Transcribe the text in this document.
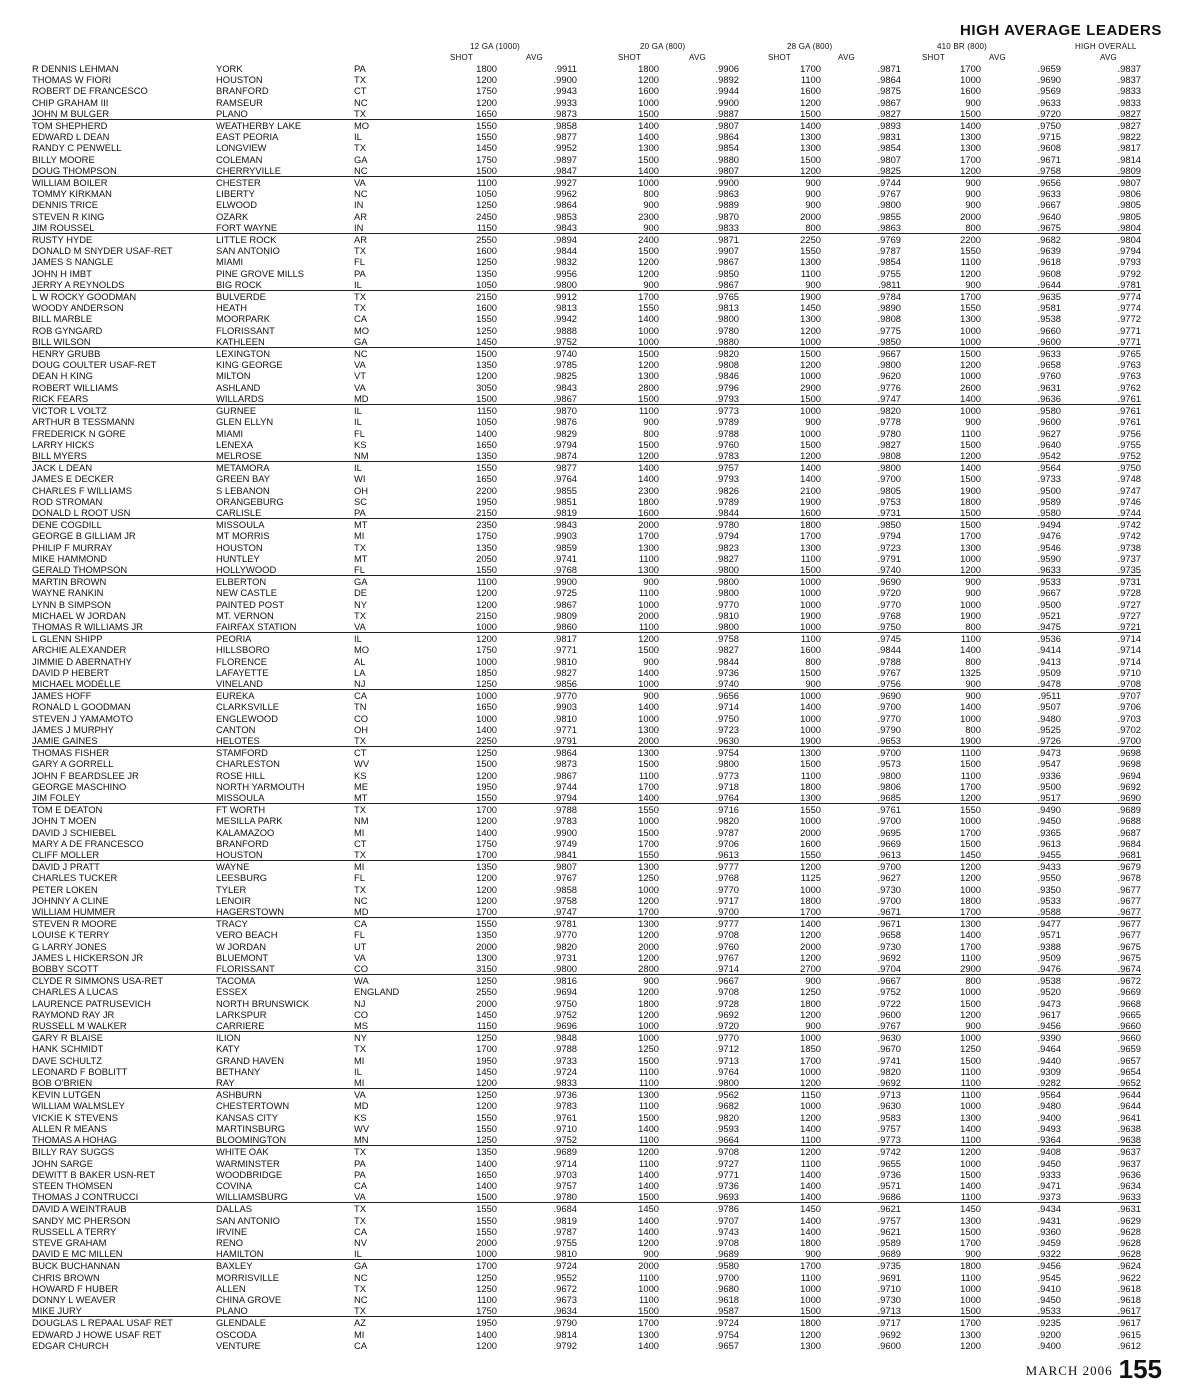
HIGH AVERAGE LEADERS
12 GA (1000)	20 GA (800)	28 GA (800)	410 BR (800)	HIGH OVERALL
SHOT	AVG	SHOT	AVG	SHOT	AVG	SHOT	AVG	AVG
R DENNIS LEHMAN	YORK	PA	1800	.9911	1800	.9906	1700	.9871	1700	.9659	.9837
THOMAS W FIORI	HOUSTON	TX	1200	.9900	1200	.9892	1100	.9864	1000	.9690	.9837
ROBERT DE FRANCESCO	BRANFORD	CT	1750	.9943	1600	.9944	1600	.9875	1600	.9569	.9833
CHIP GRAHAM III	RAMSEUR	NC	1200	.9933	1000	.9900	1200	.9867	900	.9633	.9833
JOHN M BULGER	PLANO	TX	1650	.9873	1500	.9887	1500	.9827	1500	.9720	.9827
TOM SHEPHERD	WEATHERBY LAKE	MO	1550	.9858	1400	.9807	1400	.9893	1400	.9750	.9827
EDWARD L DEAN	EAST PEORIA	IL	1550	.9877	1400	.9864	1300	.9831	1300	.9715	.9822
RANDY C PENWELL	LONGVIEW	TX	1450	.9952	1300	.9854	1300	.9854	1300	.9608	.9817
BILLY MOORE	COLEMAN	GA	1750	.9897	1500	.9880	1500	.9807	1700	.9671	.9814
DOUG THOMPSON	CHERRYVILLE	NC	1500	.9847	1400	.9807	1200	.9825	1200	.9758	.9809
WILLIAM BOILER	CHESTER	VA	1100	.9927	1000	.9900	900	.9744	900	.9656	.9807
TOMMY KIRKMAN	LIBERTY	NC	1050	.9962	800	.9863	900	.9767	900	.9633	.9806
DENNIS TRICE	ELWOOD	IN	1250	.9864	900	.9889	900	.9800	900	.9667	.9805
STEVEN R KING	OZARK	AR	2450	.9853	2300	.9870	2000	.9855	2000	.9640	.9805
JIM ROUSSEL	FORT WAYNE	IN	1150	.9843	900	.9833	800	.9863	800	.9675	.9804
RUSTY HYDE	LITTLE ROCK	AR	2550	.9894	2400	.9871	2250	.9769	2200	.9682	.9804
DONALD M SNYDER USAF-RET	SAN ANTONIO	TX	1600	.9844	1500	.9907	1550	.9787	1550	.9639	.9794
JAMES S NANGLE	MIAMI	FL	1250	.9832	1200	.9867	1300	.9854	1100	.9618	.9793
JOHN H IMBT	PINE GROVE MILLS	PA	1350	.9956	1200	.9850	1100	.9755	1200	.9608	.9792
JERRY A REYNOLDS	BIG ROCK	IL	1050	.9800	900	.9867	900	.9811	900	.9644	.9781
L W ROCKY GOODMAN	BULVERDE	TX	2150	.9912	1700	.9765	1900	.9784	1700	.9635	.9774
WOODY ANDERSON	HEATH	TX	1600	.9813	1550	.9813	1450	.9890	1550	.9581	.9774
BILL MARBLE	MOORPARK	CA	1550	.9942	1400	.9800	1300	.9808	1300	.9538	.9772
ROB GYNGARD	FLORISSANT	MO	1250	.9888	1000	.9780	1200	.9775	1000	.9660	.9771
BILL WILSON	KATHLEEN	GA	1450	.9752	1000	.9880	1000	.9850	1000	.9600	.9771
HENRY GRUBB	LEXINGTON	NC	1500	.9740	1500	.9820	1500	.9667	1500	.9633	.9765
DOUG COULTER USAF-RET	KING GEORGE	VA	1350	.9785	1200	.9808	1200	.9800	1200	.9658	.9763
DEAN H KING	MILTON	VT	1200	.9825	1300	.9846	1000	.9620	1000	.9760	.9763
ROBERT WILLIAMS	ASHLAND	VA	3050	.9843	2800	.9796	2900	.9776	2600	.9631	.9762
RICK FEARS	WILLARDS	MD	1500	.9867	1500	.9793	1500	.9747	1400	.9636	.9761
VICTOR L VOLTZ	GURNEE	IL	1150	.9870	1100	.9773	1000	.9820	1000	.9580	.9761
ARTHUR B TESSMANN	GLEN ELLYN	IL	1050	.9876	900	.9789	900	.9778	900	.9600	.9761
FREDERICK N GORE	MIAMI	FL	1400	.9829	800	.9788	1000	.9780	1100	.9627	.9756
LARRY HICKS	LENEXA	KS	1650	.9794	1500	.9760	1500	.9827	1500	.9640	.9755
BILL MYERS	MELROSE	NM	1350	.9874	1200	.9783	1200	.9808	1200	.9542	.9752
JACK L DEAN	METAMORA	IL	1550	.9877	1400	.9757	1400	.9800	1400	.9564	.9750
JAMES E DECKER	GREEN BAY	WI	1650	.9764	1400	.9793	1400	.9700	1500	.9733	.9748
CHARLES F WILLIAMS	S LEBANON	OH	2200	.9855	2300	.9826	2100	.9805	1900	.9500	.9747
ROD STROMAN	ORANGEBURG	SC	1950	.9851	1800	.9789	1900	.9753	1800	.9589	.9746
DONALD L ROOT USN	CARLISLE	PA	2150	.9819	1600	.9844	1600	.9731	1500	.9580	.9744
DENE COGDILL	MISSOULA	MT	2350	.9843	2000	.9780	1800	.9850	1500	.9494	.9742
GEORGE B GILLIAM JR	MT MORRIS	MI	1750	.9903	1700	.9794	1700	.9794	1700	.9476	.9742
PHILIP F MURRAY	HOUSTON	TX	1350	.9859	1300	.9823	1300	.9723	1300	.9546	.9738
MIKE HAMMOND	HUNTLEY	MT	2050	.9741	1100	.9827	1100	.9791	1000	.9590	.9737
GERALD THOMPSON	HOLLYWOOD	FL	1550	.9768	1300	.9800	1500	.9740	1200	.9633	.9735
MARTIN BROWN	ELBERTON	GA	1100	.9900	900	.9800	1000	.9690	900	.9533	.9731
WAYNE RANKIN	NEW CASTLE	DE	1200	.9725	1100	.9800	1000	.9720	900	.9667	.9728
LYNN B SIMPSON	PAINTED POST	NY	1200	.9867	1000	.9770	1000	.9770	1000	.9500	.9727
MICHAEL W JORDAN	MT. VERNON	TX	2150	.9809	2000	.9810	1900	.9768	1900	.9521	.9727
THOMAS R WILLIAMS JR	FAIRFAX STATION	VA	1000	.9860	1100	.9800	1000	.9750	800	.9475	.9721
L GLENN SHIPP	PEORIA	IL	1200	.9817	1200	.9758	1100	.9745	1100	.9536	.9714
ARCHIE ALEXANDER	HILLSBORO	MO	1750	.9771	1500	.9827	1600	.9844	1400	.9414	.9714
JIMMIE D ABERNATHY	FLORENCE	AL	1000	.9810	900	.9844	800	.9788	800	.9413	.9714
DAVID P HEBERT	LAFAYETTE	LA	1850	.9827	1400	.9736	1500	.9767	1325	.9509	.9710
MICHAEL MODELLE	VINELAND	NJ	1250	.9856	1000	.9740	900	.9756	900	.9478	.9708
JAMES HOFF	EUREKA	CA	1000	.9770	900	.9656	1000	.9690	900	.9511	.9707
RONALD L GOODMAN	CLARKSVILLE	TN	1650	.9903	1400	.9714	1400	.9700	1400	.9507	.9706
STEVEN J YAMAMOTO	ENGLEWOOD	CO	1000	.9810	1000	.9750	1000	.9770	1000	.9480	.9703
JAMES J MURPHY	CANTON	OH	1400	.9771	1300	.9723	1000	.9790	800	.9525	.9702
JAMIE GAINES	HELOTES	TX	2250	.9791	2000	.9630	1900	.9653	1900	.9726	.9700
THOMAS FISHER	STAMFORD	CT	1250	.9864	1300	.9754	1300	.9700	1100	.9473	.9698
GARY A GORRELL	CHARLESTON	WV	1500	.9873	1500	.9800	1500	.9573	1500	.9547	.9698
JOHN F BEARDSLEE JR	ROSE HILL	KS	1200	.9867	1100	.9773	1100	.9800	1100	.9336	.9694
GEORGE MASCHINO	NORTH YARMOUTH	ME	1950	.9744	1700	.9718	1800	.9806	1700	.9500	.9692
JIM FOLEY	MISSOULA	MT	1550	.9794	1400	.9764	1300	.9685	1200	.9517	.9690
TOM E DEATON	FT WORTH	TX	1700	.9788	1550	.9716	1550	.9761	1550	.9490	.9689
JOHN T MOEN	MESILLA PARK	NM	1200	.9783	1000	.9820	1000	.9700	1000	.9450	.9688
DAVID J SCHIEBEL	KALAMAZOO	MI	1400	.9900	1500	.9787	2000	.9695	1700	.9365	.9687
MARY A DE FRANCESCO	BRANFORD	CT	1750	.9749	1700	.9706	1600	.9669	1500	.9613	.9684
CLIFF MOLLER	HOUSTON	TX	1700	.9841	1550	.9613	1550	.9613	1450	.9455	.9681
DAVID J PRATT	WAYNE	MI	1350	.9807	1300	.9777	1200	.9700	1200	.9433	.9679
CHARLES TUCKER	LEESBURG	FL	1200	.9767	1250	.9768	1125	.9627	1200	.9550	.9678
PETER LOKEN	TYLER	TX	1200	.9858	1000	.9770	1000	.9730	1000	.9350	.9677
JOHNNY A CLINE	LENOIR	NC	1200	.9758	1200	.9717	1800	.9700	1800	.9533	.9677
WILLIAM HUMMER	HAGERSTOWN	MD	1700	.9747	1700	.9700	1700	.9671	1700	.9588	.9677
STEVEN R MOORE	TRACY	CA	1550	.9781	1300	.9777	1400	.9671	1300	.9477	.9677
LOUISE K TERRY	VERO BEACH	FL	1350	.9770	1200	.9708	1200	.9658	1400	.9571	.9677
G LARRY JONES	W JORDAN	UT	2000	.9820	2000	.9760	2000	.9730	1700	.9388	.9675
JAMES L HICKERSON JR	BLUEMONT	VA	1300	.9731	1200	.9767	1200	.9692	1100	.9509	.9675
BOBBY SCOTT	FLORISSANT	CO	3150	.9800	2800	.9714	2700	.9704	2900	.9476	.9674
CLYDE R SIMMONS USA-RET	TACOMA	WA	1250	.9816	900	.9667	900	.9667	800	.9538	.9672
CHARLES A LUCAS	ESSEX	ENGLAND	2550	.9694	1200	.9708	1250	.9752	1000	.9520	.9669
LAURENCE PATRUSEVICH	NORTH BRUNSWICK	NJ	2000	.9750	1800	.9728	1800	.9722	1500	.9473	.9668
RAYMOND RAY JR	LARKSPUR	CO	1450	.9752	1200	.9692	1200	.9600	1200	.9617	.9665
RUSSELL M WALKER	CARRIERE	MS	1150	.9696	1000	.9720	900	.9767	900	.9456	.9660
GARY R BLAISE	ILION	NY	1250	.9848	1000	.9770	1000	.9630	1000	.9390	.9660
HANK SCHMIDT	KATY	TX	1700	.9788	1250	.9712	1850	.9670	1250	.9464	.9659
DAVE SCHULTZ	GRAND HAVEN	MI	1950	.9733	1500	.9713	1700	.9741	1500	.9440	.9657
LEONARD F BOBLITT	BETHANY	IL	1450	.9724	1100	.9764	1000	.9820	1100	.9309	.9654
BOB O'BRIEN	RAY	MI	1200	.9833	1100	.9800	1200	.9692	1100	.9282	.9652
KEVIN LUTGEN	ASHBURN	VA	1250	.9736	1300	.9562	1150	.9713	1100	.9564	.9644
WILLIAM WALMSLEY	CHESTERTOWN	MD	1200	.9783	1100	.9682	1000	.9630	1000	.9480	.9644
VICKIE K STEVENS	KANSAS CITY	KS	1550	.9761	1500	.9820	1200	.9583	1300	.9400	.9641
ALLEN R MEANS	MARTINSBURG	WV	1550	.9710	1400	.9593	1400	.9757	1400	.9493	.9638
THOMAS A HOHAG	BLOOMINGTON	MN	1250	.9752	1100	.9664	1100	.9773	1100	.9364	.9638
BILLY RAY SUGGS	WHITE OAK	TX	1350	.9689	1200	.9708	1200	.9742	1200	.9408	.9637
JOHN SARGE	WARMINSTER	PA	1400	.9714	1100	.9727	1100	.9655	1000	.9450	.9637
DEWITT B BAKER USN-RET	WOODBRIDGE	PA	1650	.9703	1400	.9771	1400	.9736	1500	.9333	.9636
STEEN THOMSEN	COVINA	CA	1400	.9757	1400	.9736	1400	.9571	1400	.9471	.9634
THOMAS J CONTRUCCI	WILLIAMSBURG	VA	1500	.9780	1500	.9693	1400	.9686	1100	.9373	.9633
DAVID A WEINTRAUB	DALLAS	TX	1550	.9684	1450	.9786	1450	.9621	1450	.9434	.9631
SANDY MC PHERSON	SAN ANTONIO	TX	1550	.9819	1400	.9707	1400	.9757	1300	.9431	.9629
RUSSELL A TERRY	IRVINE	CA	1550	.9787	1400	.9743	1400	.9621	1500	.9360	.9628
STEVE GRAHAM	RENO	NV	2000	.9755	1200	.9708	1800	.9589	1700	.9459	.9628
DAVID E MC MILLEN	HAMILTON	IL	1000	.9810	900	.9689	900	.9689	900	.9322	.9628
BUCK BUCHANNAN	BAXLEY	GA	1700	.9724	2000	.9580	1700	.9735	1800	.9456	.9624
CHRIS BROWN	MORRISVILLE	NC	1250	.9552	1100	.9700	1100	.9691	1100	.9545	.9622
HOWARD F HUBER	ALLEN	TX	1250	.9672	1000	.9680	1000	.9710	1000	.9410	.9618
DONNY L WEAVER	CHINA GROVE	NC	1100	.9673	1100	.9618	1000	.9730	1000	.9450	.9618
MIKE JURY	PLANO	TX	1750	.9634	1500	.9587	1500	.9713	1500	.9533	.9617
DOUGLAS L REPAAL USAF RET	GLENDALE	AZ	1950	.9790	1700	.9724	1800	.9717	1700	.9235	.9617
EDWARD J HOWE USAF RET	OSCODA	MI	1400	.9814	1300	.9754	1200	.9692	1300	.9200	.9615
EDGAR CHURCH	VENTURE	CA	1200	.9792	1400	.9657	1300	.9600	1200	.9400	.9612
MARCH 2006 155
